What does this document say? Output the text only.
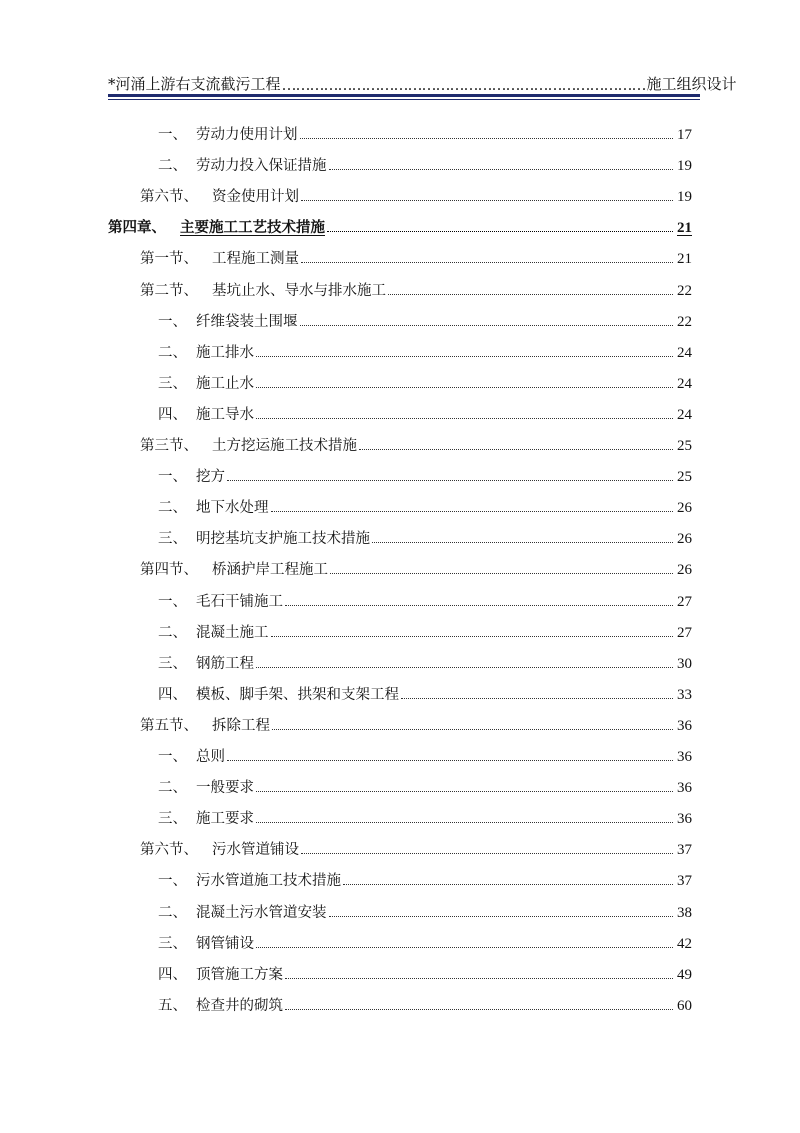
*河涌上游右支流截污工程 …………………………………………………………………… 施工组织设计
一、 劳动力使用计划	17
二、 劳动力投入保证措施	19
第六节、 资金使用计划	19
第四章、 主要施工工艺技术措施	21
第一节、 工程施工测量	21
第二节、 基坑止水、导水与排水施工	22
一、 纤维袋装土围堰	22
二、 施工排水	24
三、 施工止水	24
四、 施工导水	24
第三节、 土方挖运施工技术措施	25
一、 挖方	25
二、 地下水处理	26
三、 明挖基坑支护施工技术措施	26
第四节、 桥涵护岸工程施工	26
一、 毛石干铺施工	27
二、 混凝土施工	27
三、 钢筋工程	30
四、 模板、脚手架、拱架和支架工程	33
第五节、 拆除工程	36
一、 总则	36
二、 一般要求	36
三、 施工要求	36
第六节、 污水管道铺设	37
一、 污水管道施工技术措施	37
二、 混凝土污水管道安装	38
三、 钢管铺设	42
四、 顶管施工方案	49
五、 检查井的砌筑	60
